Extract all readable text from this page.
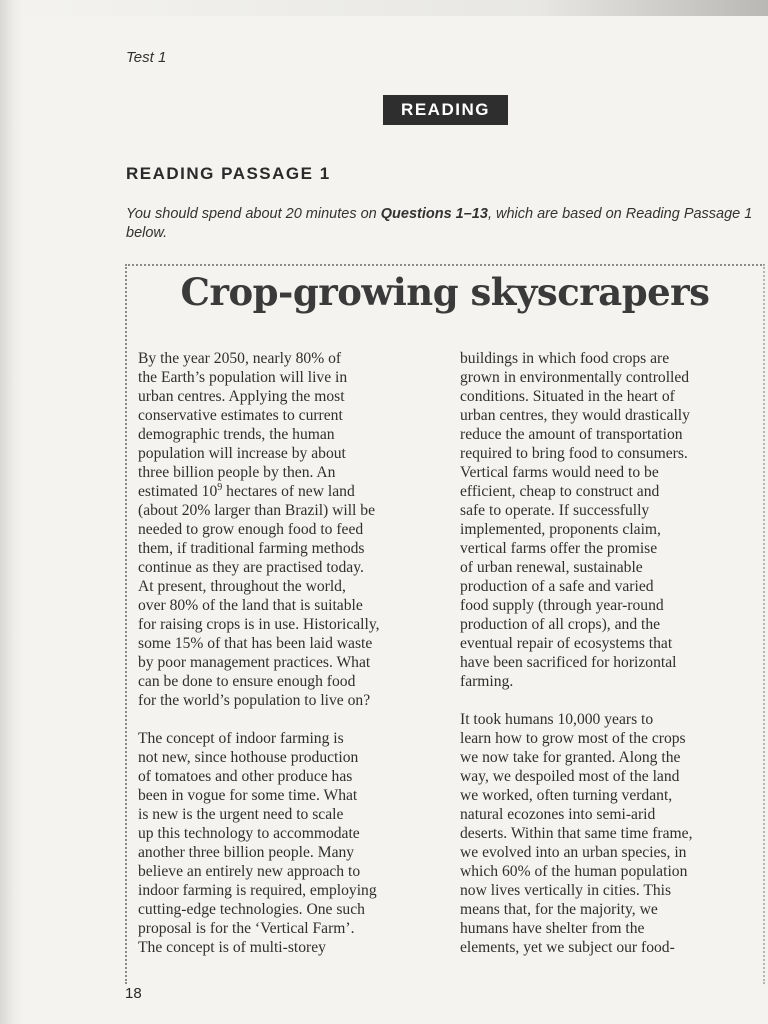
Test 1
READING
READING PASSAGE 1
You should spend about 20 minutes on Questions 1–13, which are based on Reading Passage 1 below.
Crop-growing skyscrapers

By the year 2050, nearly 80% of
the Earth’s population will live in
urban centres. Applying the most
conservative estimates to current
demographic trends, the human
population will increase by about
three billion people by then. An
estimated $10^9$ hectares of new land
(about 20% larger than Brazil) will be
needed to grow enough food to feed
them, if traditional farming methods
continue as they are practised today.
At present, throughout the world,
over 80% of the land that is suitable
for raising crops is in use. Historically,
some 15% of that has been laid waste
by poor management practices. What
can be done to ensure enough food
for the world’s population to live on?

The concept of indoor farming is
not new, since hothouse production
of tomatoes and other produce has
been in vogue for some time. What
is new is the urgent need to scale
up this technology to accommodate
another three billion people. Many
believe an entirely new approach to
indoor farming is required, employing
cutting-edge technologies. One such
proposal is for the ‘Vertical Farm’.
The concept is of multi-storey

buildings in which food crops are
grown in environmentally controlled
conditions. Situated in the heart of
urban centres, they would drastically
reduce the amount of transportation
required to bring food to consumers.
Vertical farms would need to be
efficient, cheap to construct and
safe to operate. If successfully
implemented, proponents claim,
vertical farms offer the promise
of urban renewal, sustainable
production of a safe and varied
food supply (through year-round
production of all crops), and the
eventual repair of ecosystems that
have been sacrificed for horizontal
farming.

It took humans 10,000 years to
learn how to grow most of the crops
we now take for granted. Along the
way, we despoiled most of the land
we worked, often turning verdant,
natural ecozones into semi-arid
deserts. Within that same time frame,
we evolved into an urban species, in
which 60% of the human population
now lives vertically in cities. This
means that, for the majority, we
humans have shelter from the
elements, yet we subject our food-

18
